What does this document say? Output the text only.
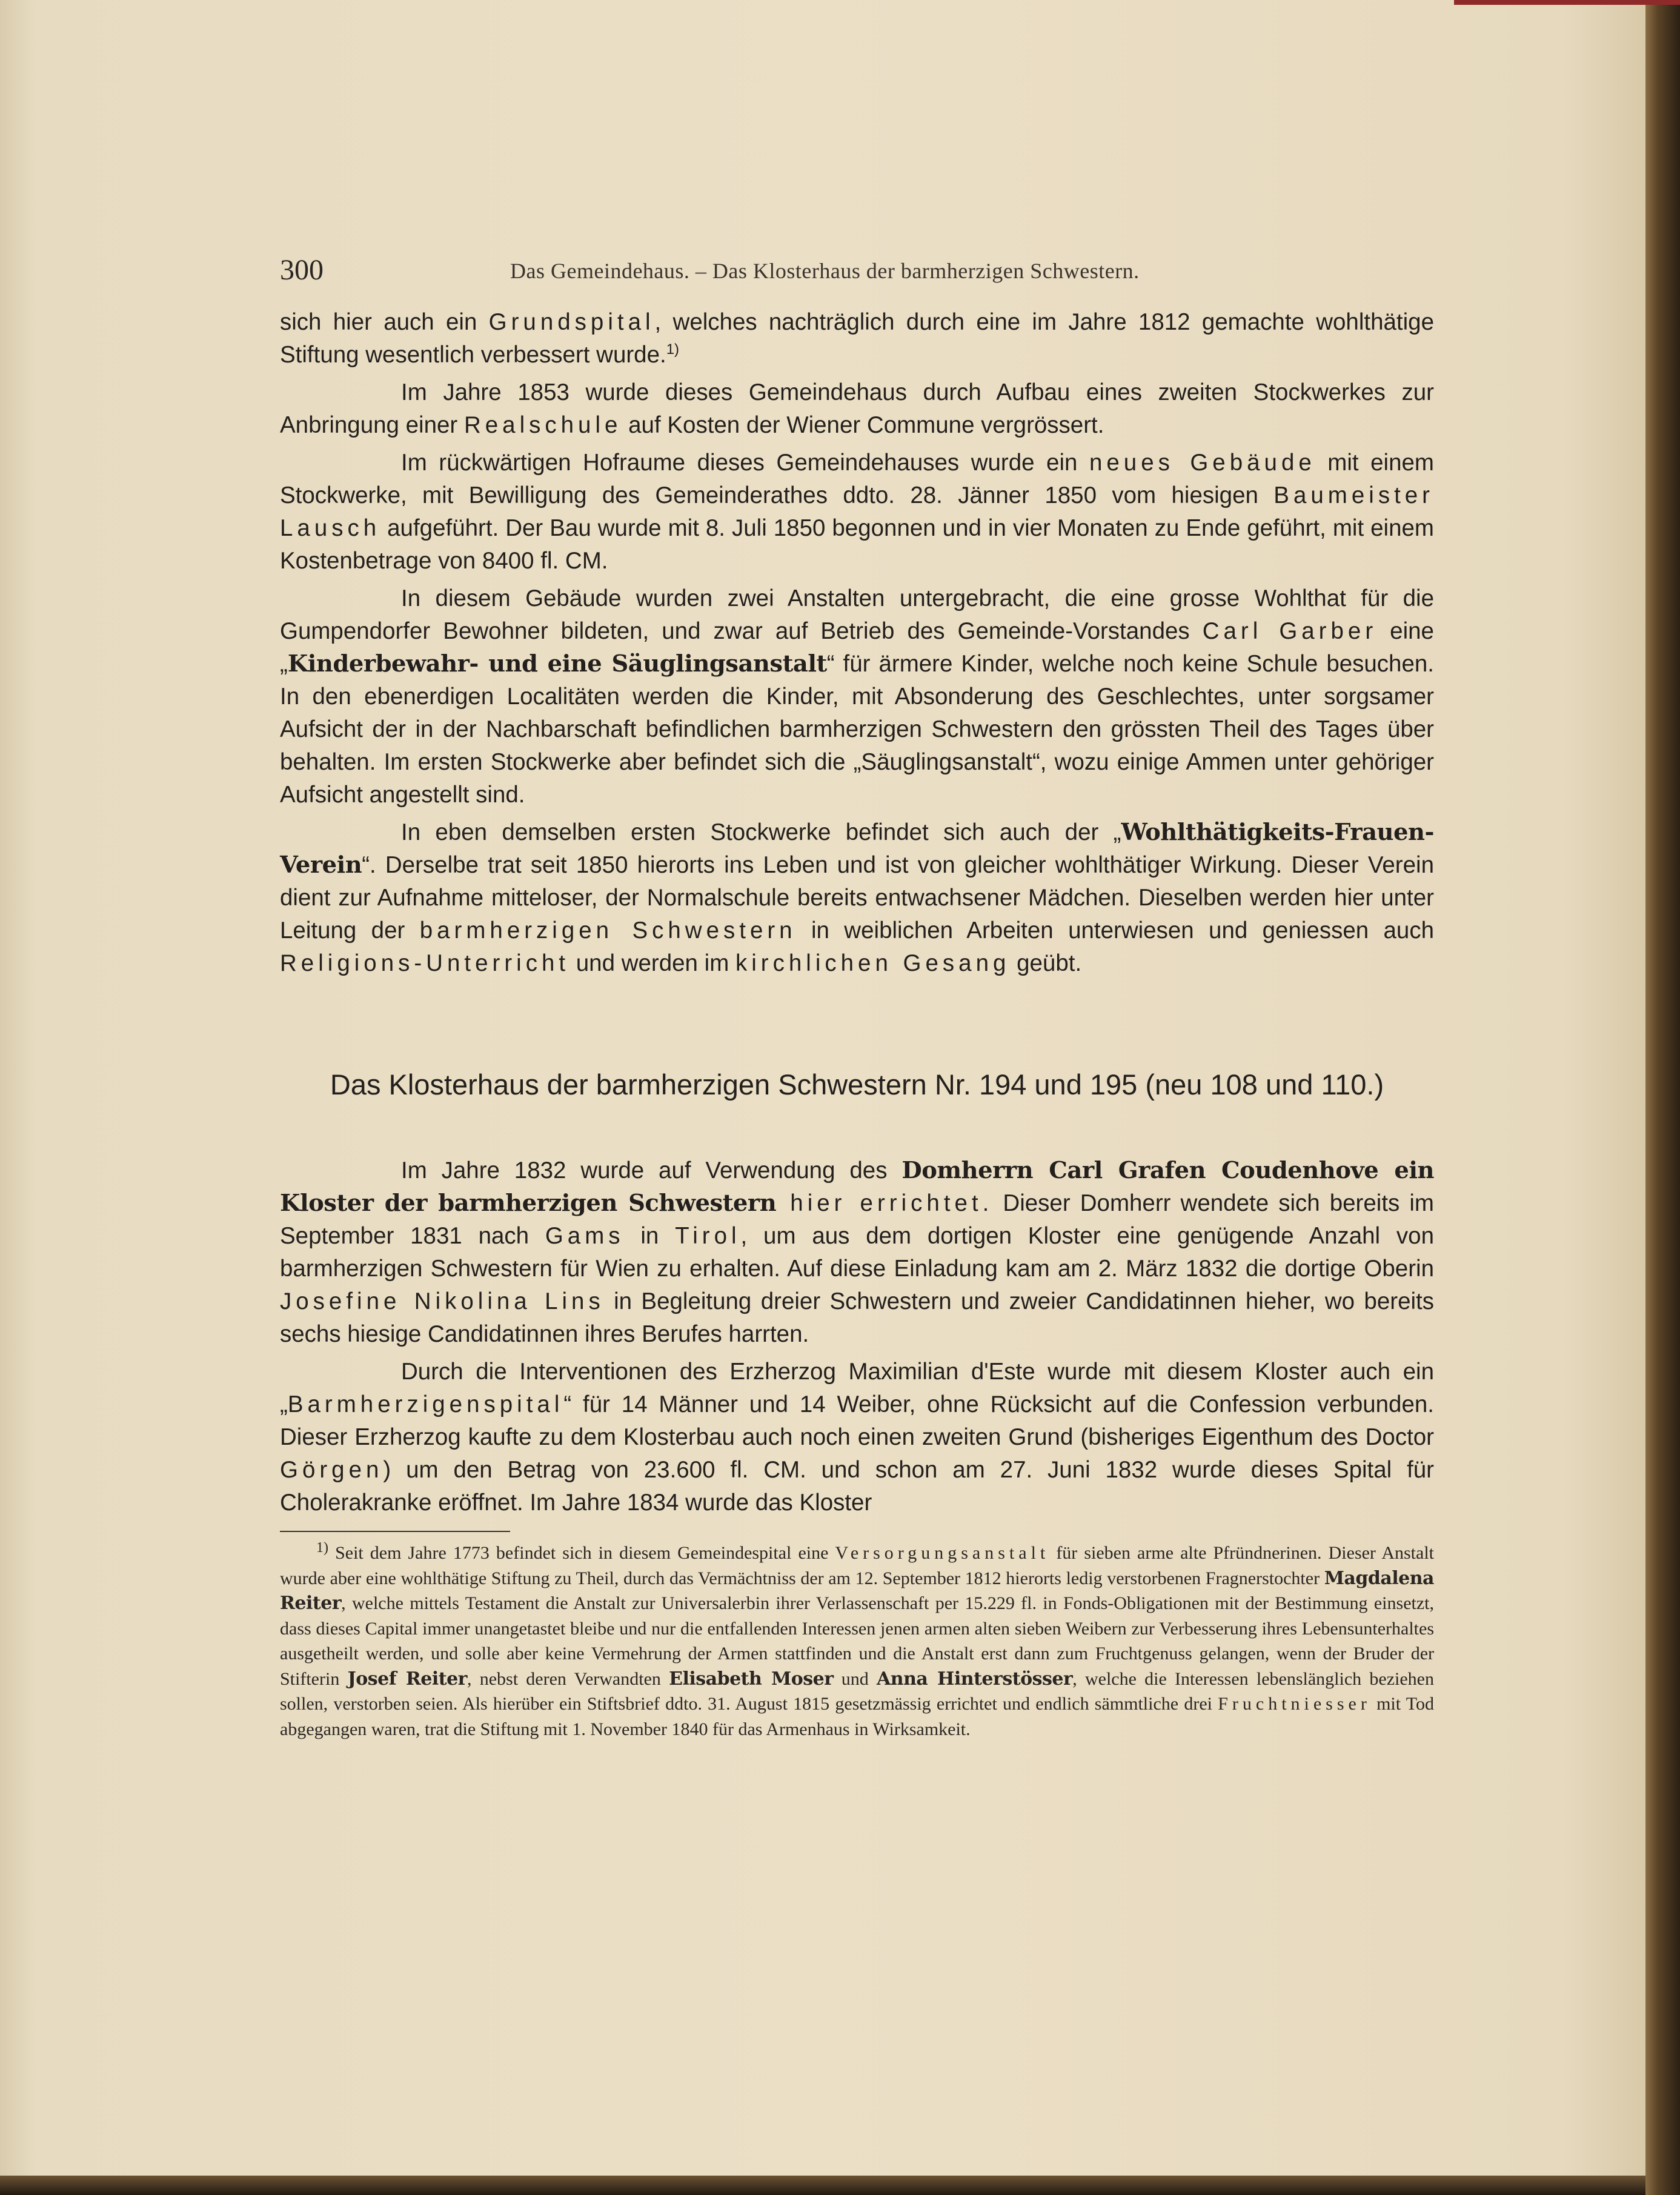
300	Das Gemeindehaus. – Das Klosterhaus der barmherzigen Schwestern.

sich hier auch ein Grundspital, welches nachträglich durch eine im Jahre 1812 gemachte wohlthätige Stiftung wesentlich verbessert wurde.$^{1)}$

Im Jahre 1853 wurde dieses Gemeindehaus durch Aufbau eines zweiten Stockwerkes zur Anbringung einer Realschule auf Kosten der Wiener Commune vergrössert.

Im rückwärtigen Hofraume dieses Gemeindehauses wurde ein neues Gebäude mit einem Stockwerke, mit Bewilligung des Gemeinderathes ddto. 28. Jänner 1850 vom hiesigen Baumeister Lausch aufgeführt. Der Bau wurde mit 8. Juli 1850 begonnen und in vier Monaten zu Ende geführt, mit einem Kostenbetrage von 8400 fl. CM.

In diesem Gebäude wurden zwei Anstalten untergebracht, die eine grosse Wohlthat für die Gumpendorfer Bewohner bildeten, und zwar auf Betrieb des Gemeinde-Vorstandes Carl Garber eine „Kinderbewahr- und eine Säuglingsanstalt“ für ärmere Kinder, welche noch keine Schule besuchen. In den ebenerdigen Localitäten werden die Kinder, mit Absonderung des Geschlechtes, unter sorgsamer Aufsicht der in der Nachbarschaft befindlichen barmherzigen Schwestern den grössten Theil des Tages über behalten. Im ersten Stockwerke aber befindet sich die „Säuglingsanstalt“, wozu einige Ammen unter gehöriger Aufsicht angestellt sind.

In eben demselben ersten Stockwerke befindet sich auch der „Wohlthätigkeits-Frauen-Verein“. Derselbe trat seit 1850 hierorts ins Leben und ist von gleicher wohlthätiger Wirkung. Dieser Verein dient zur Aufnahme mitteloser, der Normalschule bereits entwachsener Mädchen. Dieselben werden hier unter Leitung der barmherzigen Schwestern in weiblichen Arbeiten unterwiesen und geniessen auch Religions-Unterricht und werden im kirchlichen Gesang geübt.

Das Klosterhaus der barmherzigen Schwestern Nr. 194 und 195 (neu 108 und 110.)

Im Jahre 1832 wurde auf Verwendung des Domherrn Carl Grafen Coudenhove ein Kloster der barmherzigen Schwestern hier errichtet. Dieser Domherr wendete sich bereits im September 1831 nach Gams in Tirol, um aus dem dortigen Kloster eine genügende Anzahl von barmherzigen Schwestern für Wien zu erhalten. Auf diese Einladung kam am 2. März 1832 die dortige Oberin Josefine Nikolina Lins in Begleitung dreier Schwestern und zweier Candidatinnen hieher, wo bereits sechs hiesige Candidatinnen ihres Berufes harrten.

Durch die Interventionen des Erzherzog Maximilian d'Este wurde mit diesem Kloster auch ein „Barmherzigenspital“ für 14 Männer und 14 Weiber, ohne Rücksicht auf die Confession verbunden. Dieser Erzherzog kaufte zu dem Klosterbau auch noch einen zweiten Grund (bisheriges Eigenthum des Doctor Görgen) um den Betrag von 23.600 fl. CM. und schon am 27. Juni 1832 wurde dieses Spital für Cholerakranke eröffnet. Im Jahre 1834 wurde das Kloster

$^{1)}$ Seit dem Jahre 1773 befindet sich in diesem Gemeindespital eine Versorgungsanstalt für sieben arme alte Pfründnerinen. Dieser Anstalt wurde aber eine wohlthätige Stiftung zu Theil, durch das Vermächtniss der am 12. September 1812 hierorts ledig verstorbenen Fragnerstochter Magdalena Reiter, welche mittels Testament die Anstalt zur Universalerbin ihrer Verlassenschaft per 15.229 fl. in Fonds-Obligationen mit der Bestimmung einsetzt, dass dieses Capital immer unangetastet bleibe und nur die entfallenden Interessen jenen armen alten sieben Weibern zur Verbesserung ihres Lebensunterhaltes ausgetheilt werden, und solle aber keine Vermehrung der Armen stattfinden und die Anstalt erst dann zum Fruchtgenuss gelangen, wenn der Bruder der Stifterin Josef Reiter, nebst deren Verwandten Elisabeth Moser und Anna Hinterstösser, welche die Interessen lebenslänglich beziehen sollen, verstorben seien. Als hierüber ein Stiftsbrief ddto. 31. August 1815 gesetzmässig errichtet und endlich sämmtliche drei Fruchtniesser mit Tod abgegangen waren, trat die Stiftung mit 1. November 1840 für das Armenhaus in Wirksamkeit.
